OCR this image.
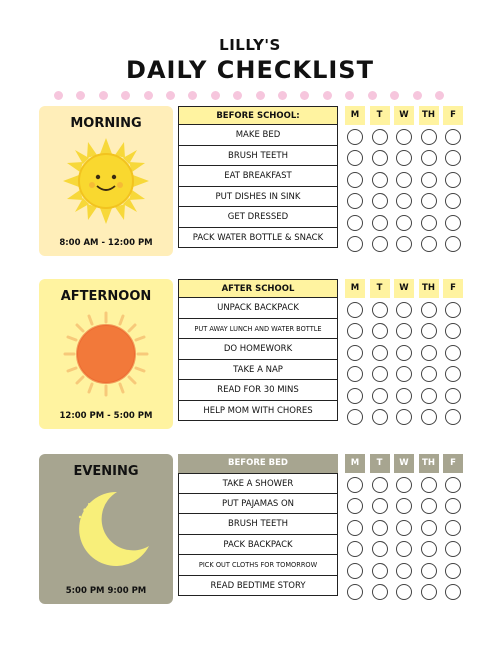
LILLY'S
DAILY CHECKLIST
MORNING
8:00 AM - 12:00 PM
BEFORE SCHOOL:
MAKE BED
BRUSH TEETH
EAT BREAKFAST
PUT DISHES IN SINK
GET DRESSED
PACK WATER BOTTLE & SNACK
M	T	W	TH	F
AFTERNOON
12:00 PM - 5:00 PM
AFTER SCHOOL
UNPACK BACKPACK
PUT AWAY LUNCH AND WATER BOTTLE
DO HOMEWORK
TAKE A NAP
READ FOR 30 MINS
HELP MOM WITH CHORES
M	T	W	TH	F
EVENING
5:00 PM 9:00 PM
BEFORE BED
TAKE A SHOWER
PUT PAJAMAS ON
BRUSH TEETH
PACK BACKPACK
PICK OUT CLOTHS FOR TOMORROW
READ BEDTIME STORY
M	T	W	TH	F
